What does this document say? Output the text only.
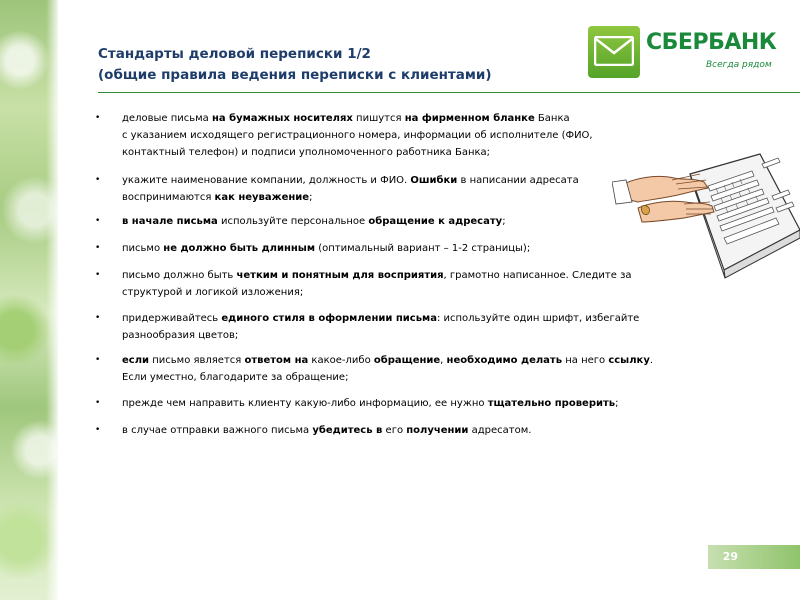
Стандарты деловой переписки 1/2
(общие правила ведения переписки с клиентами)
СБЕРБАНК
Всегда рядом
• деловые письма на бумажных носителях пишутся на фирменном бланке Банка
с указанием исходящего регистрационного номера, информации об исполнителе (ФИО,
контактный телефон) и подписи уполномоченного работника Банка;
• укажите наименование компании, должность и ФИО. Ошибки в написании адресата
воспринимаются как неуважение;
• в начале письма используйте персональное обращение к адресату;
• письмо не должно быть длинным (оптимальный вариант – 1-2 страницы);
• письмо должно быть четким и понятным для восприятия, грамотно написанное. Следите за
структурой и логикой изложения;
• придерживайтесь единого стиля в оформлении письма: используйте один шрифт, избегайте
разнообразия цветов;
• если письмо является ответом на какое-либо обращение, необходимо делать на него ссылку.
Если уместно, благодарите за обращение;
• прежде чем направить клиенту какую-либо информацию, ее нужно тщательно проверить;
• в случае отправки важного письма убедитесь в его получении адресатом.
29
